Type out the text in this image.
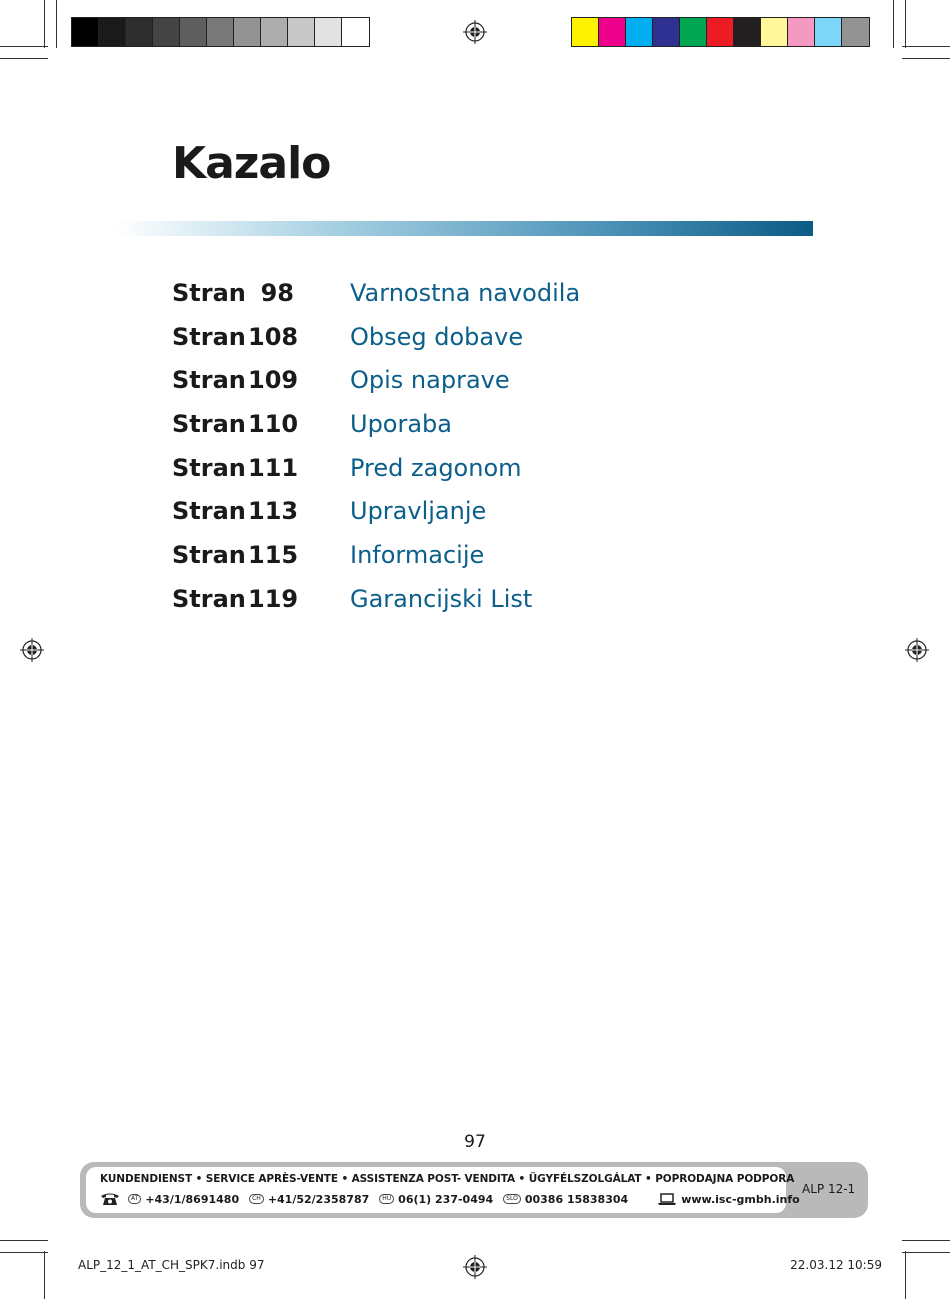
Kazalo
Stran 98 Varnostna navodila
Stran 108 Obseg dobave
Stran 109 Opis naprave
Stran 110 Uporaba
Stran 111 Pred zagonom
Stran 113 Upravljanje
Stran 115 Informacije
Stran 119 Garancijski List
97
KUNDENDIENST • SERVICE APRÈS-VENTE • ASSISTENZA POST- VENDITA • ÜGYFÉLSZOLGÁLAT • POPRODAJNA PODPORA
AT +43/1/8691480	CH +41/52/2358787	HU 06(1) 237-0494	SLO 00386 15838304	www.isc-gmbh.info
ALP 12-1
ALP_12_1_AT_CH_SPK7.indb 97	22.03.12 10:59
